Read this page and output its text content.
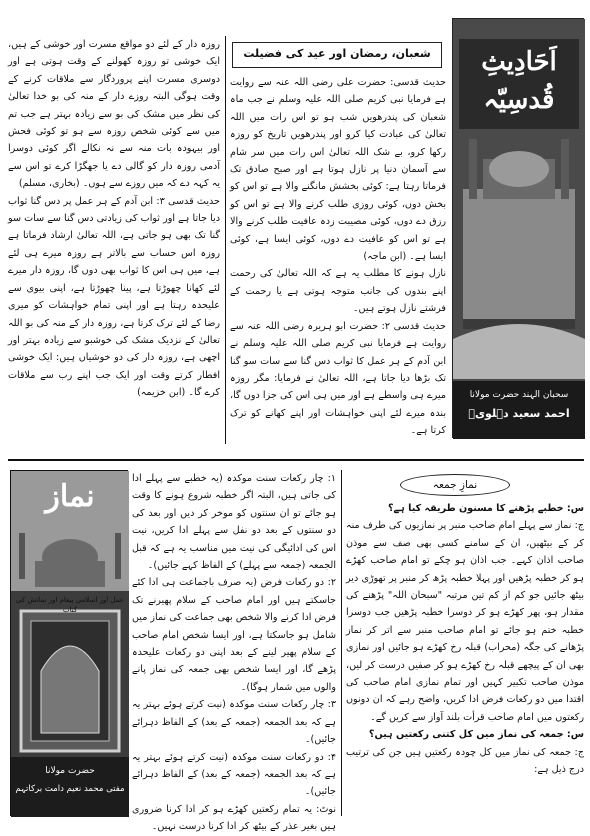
اَحَادِیثِ قُدسِیّہ
سحبان الہند حضرت مولانا
احمد سعید دہلویؒ
شعبان، رمضان اور عید کی فضیلت

حدیث قدسی: حضرت علی رضی اللہ عنہ سے روایت ہے فرمایا نبی کریم صلی اللہ علیہ وسلم نے جب ماہ شعبان کی پندرھویں شب ہو تو اس رات میں اللہ تعالیٰ کی عبادت کیا کرو اور پندرھویں تاریخ کو روزہ رکھا کرو، بے شک اللہ تعالیٰ اس رات میں سر شام سے آسمان دنیا پر نازل ہوتا ہے اور صبح صادق تک فرماتا رہتا ہے: کوئی بخشش مانگنے والا ہے تو اس کو بخش دوں، کوئی روزی طلب کرنے والا ہے تو اس کو رزق دے دوں، کوئی مصیبت زدہ عافیت طلب کرنے والا ہے تو اس کو عافیت دے دوں، کوئی ایسا ہے، کوئی ایسا ہے۔ (ابن ماجہ)

نازل ہونے کا مطلب یہ ہے کہ اللہ تعالیٰ کی رحمت اپنے بندوں کی جانب متوجہ ہوتی ہے یا رحمت کے فرشتے نازل ہوتے ہیں۔

حدیث قدسی ۲: حضرت ابو ہریرہ رضی اللہ عنہ سے روایت ہے فرمایا نبی کریم صلی اللہ علیہ وسلم نے ابن آدم کے ہر عمل کا ثواب دس گنا سے سات سو گنا تک بڑھا دیا جاتا ہے، اللہ تعالیٰ نے فرمایا: مگر روزہ میرے ہی واسطے ہے اور میں ہی اس کی جزا دوں گا، بندہ میرے لئے اپنی خواہشات اور اپنے کھانے کو ترک کرتا ہے۔

روزہ دار کے لئے دو مواقع مسرت اور خوشی کے ہیں، ایک خوشی تو روزہ کھولنے کے وقت ہوتی ہے اور دوسری مسرت اپنے پروردگار سے ملاقات کرنے کے وقت ہوگی البتہ روزے دار کے منہ کی بو خدا تعالیٰ کی نظر میں مشک کی بو سے زیادہ بہتر ہے جب تم میں سے کوئی شخص روزہ سے ہو تو کوئی فحش اور بیہودہ بات منہ سے نہ نکالے اگر کوئی دوسرا آدمی روزہ دار کو گالی دے یا جھگڑا کرے تو اس سے یہ کہہ دے کہ میں روزے سے ہوں۔ (بخاری، مسلم)

حدیث قدسی ۳: ابن آدم کے ہر عمل پر دس گنا ثواب دیا جاتا ہے اور ثواب کی زیادتی دس گنا سے سات سو گنا تک بھی ہو جاتی ہے، اللہ تعالیٰ ارشاد فرماتا ہے روزہ اس حساب سے بالاتر ہے روزہ میرے ہی لئے ہے، میں ہی اس کا ثواب بھی دوں گا، روزہ دار میرے لئے کھانا چھوڑتا ہے، پینا چھوڑتا ہے، اپنی بیوی سے علیحدہ رہتا ہے اور اپنی تمام خواہشات کو میری رضا کے لئے ترک کرتا ہے، روزہ دار کے منہ کی بو اللہ تعالیٰ کے نزدیک مشک کی خوشبو سے زیادہ بہتر اور اچھی ہے، روزہ دار کی دو خوشیاں ہیں: ایک خوشی افطار کرتے وقت اور ایک جب اپنے رب سے ملاقات کرے گا۔ (ابن خزیمہ)

نمازِ جمعہ

س: خطبے پڑھنے کا مسنون طریقہ کیا ہے؟

ج: نماز سے پہلے امام صاحب منبر پر نمازیوں کی طرف منہ کر کے بیٹھیں، ان کے سامنے کسی بھی صف سے موذن صاحب اذان کہے۔ جب اذان ہو چکے تو امام صاحب کھڑے ہو کر خطبہ پڑھیں اور پہلا خطبہ پڑھ کر منبر پر تھوڑی دیر بیٹھ جائیں جو کم از کم تین مرتبہ "سبحان اللہ" پڑھنے کی مقدار ہو، پھر کھڑے ہو کر دوسرا خطبہ پڑھیں جب دوسرا خطبہ ختم ہو جائے تو امام صاحب منبر سے اتر کر نماز پڑھانے کی جگہ (محراب) قبلہ رخ کھڑے ہو جائیں اور نمازی بھی ان کے پیچھے قبلہ رخ کھڑے ہو کر صفیں درست کر لیں، موذن صاحب تکبیر کہیں اور تمام نمازی امام صاحب کی اقتدا میں دو رکعات فرض ادا کریں، واضح رہے کہ ان دونوں رکعتوں میں امام صاحب قرأت بلند آواز سے کریں گے۔

س: جمعہ کی نماز میں کل کتنی رکعتیں ہیں؟

ج: جمعہ کی نماز میں کل چودہ رکعتیں ہیں جن کی ترتیب درج ذیل ہے:

۱: چار رکعات سنت موکدہ (یہ خطبے سے پہلے ادا کی جاتی ہیں، البتہ اگر خطبہ شروع ہونے کا وقت ہو جائے تو ان سنتوں کو موخر کر دیں اور بعد کی دو سنتوں کے بعد دو نفل سے پہلے ادا کریں، نیت اس کی ادائیگی کی نیت میں مناسب یہ ہے کہ قبل الجمعہ (جمعہ سے پہلے) کے الفاظ کہے جائیں)۔

۲: دو رکعات فرض (یہ صرف باجماعت ہی ادا کئے جاسکتے ہیں اور امام صاحب کے سلام پھیرنے تک فرض ادا کرنے والا شخص بھی جماعت کی نماز میں شامل ہو جاسکتا ہے، اور ایسا شخص امام صاحب کے سلام پھیر لینے کے بعد اپنی دو رکعات علیحدہ پڑھے گا، اور ایسا شخص بھی جمعہ کی نماز پانے والوں میں شمار ہوگا)۔

۳: چار رکعات سنت موکدہ (نیت کرتے ہوئے بہتر یہ ہے کہ بعد الجمعہ (جمعہ کے بعد) کے الفاظ دہرائے جائیں)۔

۴: دو رکعات سنت موکدہ (نیت کرتے ہوئے بہتر یہ ہے کہ بعد الجمعہ (جمعہ کے بعد) کے الفاظ دہرائے جائیں)۔

نوٹ: یہ تمام رکعتیں کھڑے ہو کر ادا کرنا ضروری ہیں بغیر عذر کے بیٹھ کر ادا کرنا درست نہیں۔

نماز
عمل اور اسلامی پیغام اور نمائش کی کتاب
حضرت مولانا
مفتی محمد نعیم دامت برکاتہم
